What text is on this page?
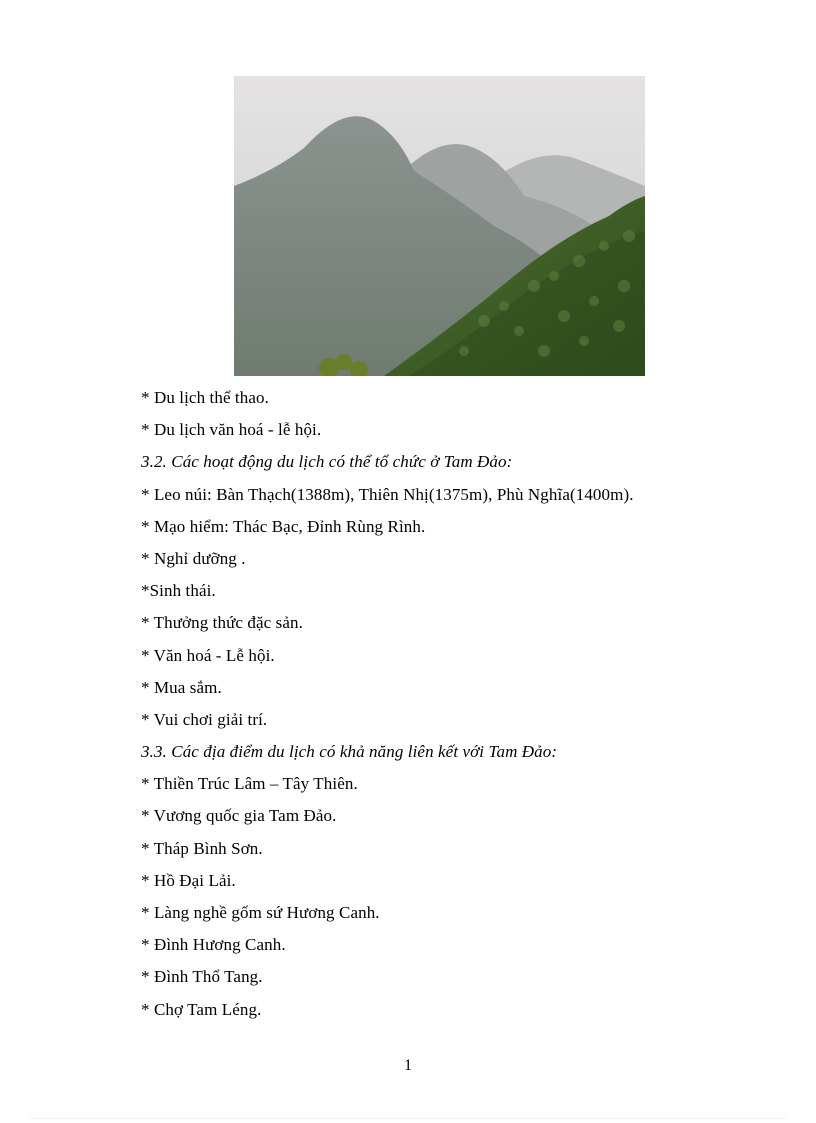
* Du lịch thể thao.
* Du lịch văn hoá - lễ hội.
3.2. Các hoạt động du lịch có thể tổ chức ở Tam Đảo:
* Leo núi: Bàn Thạch(1388m), Thiên Nhị(1375m), Phù Nghĩa(1400m).
* Mạo hiểm: Thác Bạc, Đỉnh Rùng Rình.
* Nghỉ dưỡng .
*Sinh thái.
* Thưởng thức đặc sản.
* Văn hoá - Lễ hội.
* Mua sắm.
* Vui chơi giải trí.
3.3. Các địa điểm du lịch có khả năng liên kết với Tam Đảo:
* Thiền Trúc Lâm – Tây Thiên.
* Vương quốc gia Tam Đảo.
* Tháp Bình Sơn.
* Hồ Đại Lải.
* Làng nghề gốm sứ Hương Canh.
* Đình Hương Canh.
* Đình Thổ Tang.
* Chợ Tam Léng.
1
